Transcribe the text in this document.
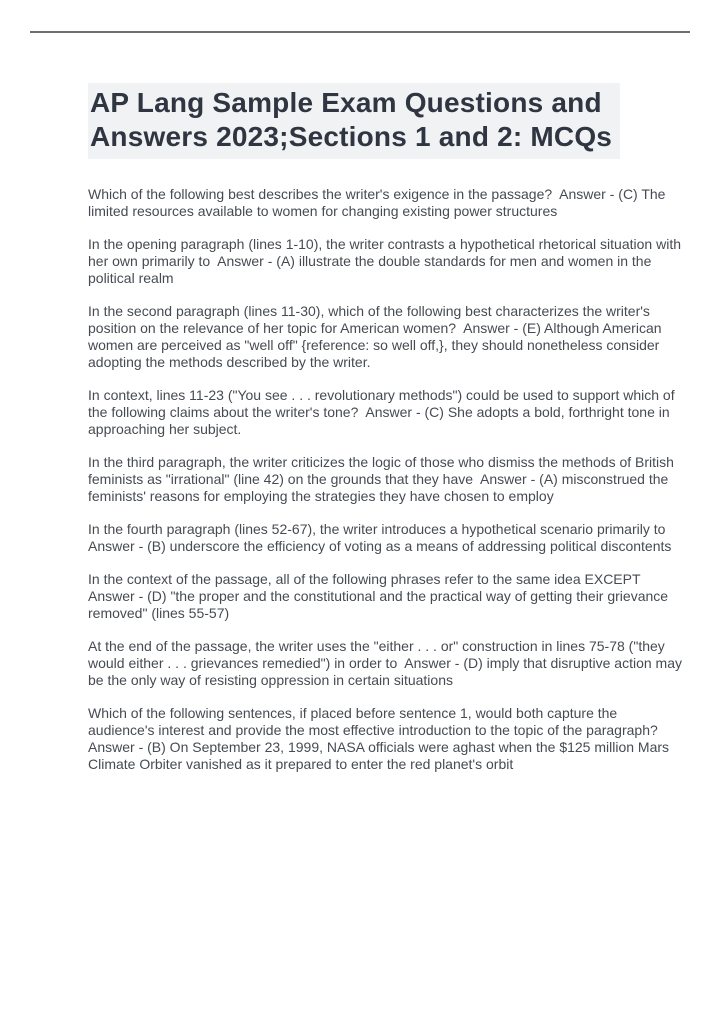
AP Lang Sample Exam Questions and
Answers 2023;Sections 1 and 2: MCQs

Which of the following best describes the writer's exigence in the passage?  Answer - (C) The limited resources available to women for changing existing power structures

In the opening paragraph (lines 1-10), the writer contrasts a hypothetical rhetorical situation with her own primarily to  Answer - (A) illustrate the double standards for men and women in the political realm

In the second paragraph (lines 11-30), which of the following best characterizes the writer's position on the relevance of her topic for American women?  Answer - (E) Although American women are perceived as "well off" {reference: so well off,}, they should nonetheless consider adopting the methods described by the writer.

In context, lines 11-23 ("You see . . . revolutionary methods") could be used to support which of the following claims about the writer's tone?  Answer - (C) She adopts a bold, forthright tone in approaching her subject.

In the third paragraph, the writer criticizes the logic of those who dismiss the methods of British feminists as "irrational" (line 42) on the grounds that they have  Answer - (A) misconstrued the feminists' reasons for employing the strategies they have chosen to employ

In the fourth paragraph (lines 52-67), the writer introduces a hypothetical scenario primarily to  Answer - (B) underscore the efficiency of voting as a means of addressing political discontents

In the context of the passage, all of the following phrases refer to the same idea EXCEPT  Answer - (D) "the proper and the constitutional and the practical way of getting their grievance removed" (lines 55-57)

At the end of the passage, the writer uses the "either . . . or" construction in lines 75-78 ("they would either . . . grievances remedied") in order to  Answer - (D) imply that disruptive action may be the only way of resisting oppression in certain situations

Which of the following sentences, if placed before sentence 1, would both capture the audience's interest and provide the most effective introduction to the topic of the paragraph?  Answer - (B) On September 23, 1999, NASA officials were aghast when the $125 million Mars Climate Orbiter vanished as it prepared to enter the red planet's orbit
